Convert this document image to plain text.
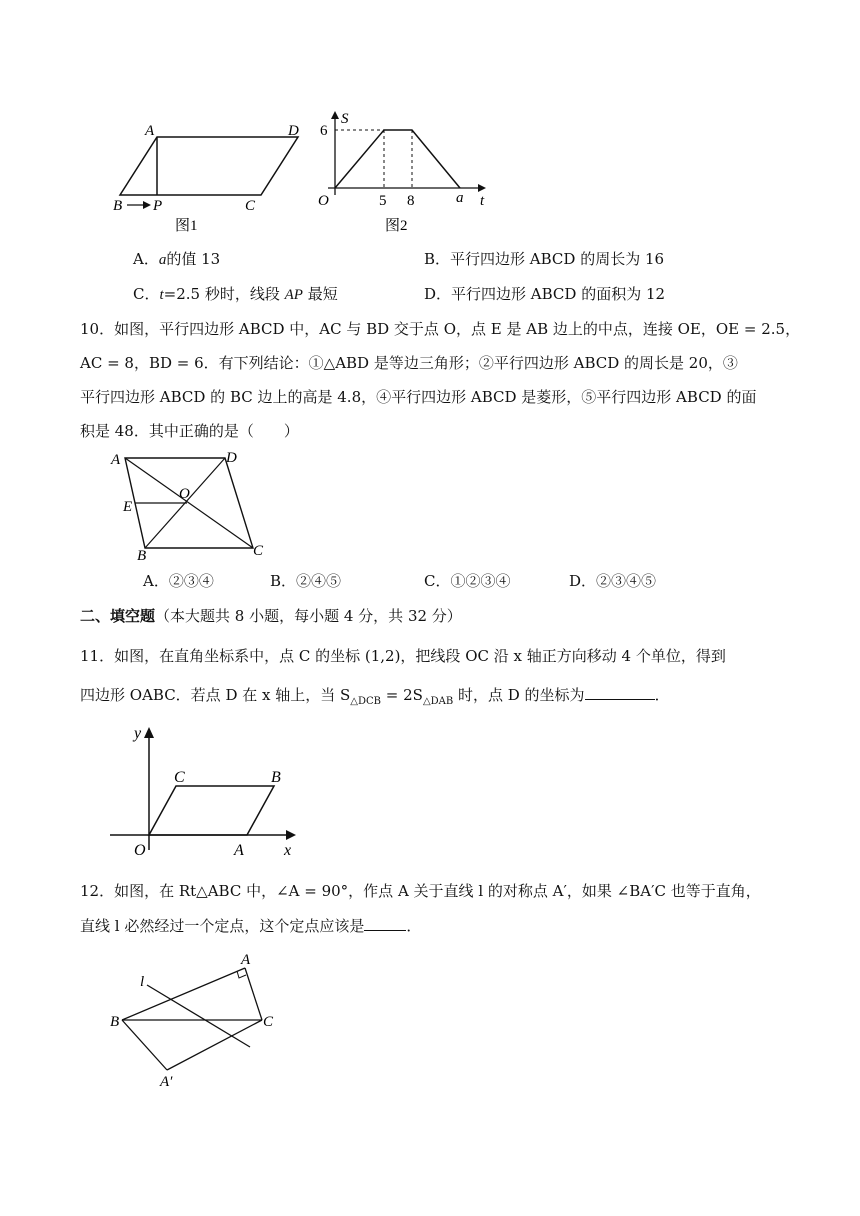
A	D
B P	C
图1
S
6
O	5 8	a t
图2
A．a的值 13	B．平行四边形 ABCD 的周长为 16
C．t=2.5 秒时，线段 AP 最短	D．平行四边形 ABCD 的面积为 12
10．如图，平行四边形 ABCD 中，AC 与 BD 交于点 O，点 E 是 AB 边上的中点，连接 OE，OE = 2.5，
AC = 8，BD = 6．有下列结论：①△ABD 是等边三角形；②平行四边形 ABCD 的周长是 20，③
平行四边形 ABCD 的 BC 边上的高是 4.8，④平行四边形 ABCD 是菱形，⑤平行四边形 ABCD 的面
积是 48．其中正确的是（　　）
A	D
E
O
B	C
A．②③④	B．②④⑤	C．①②③④	D．②③④⑤
二、填空题（本大题共 8 小题，每小题 4 分，共 32 分）
11．如图，在直角坐标系中，点 C 的坐标 (1,2)，把线段 OC 沿 x 轴正方向移动 4 个单位，得到
四边形 OABC．若点 D 在 x 轴上，当 $S_{\triangle DCB} = 2S_{\triangle DAB}$ 时，点 D 的坐标为	．
y
C	B
O	A	x
12．如图，在 Rt△ABC 中，∠A = 90°，作点 A 关于直线 l 的对称点 A′，如果 ∠BA′C 也等于直角，
直线 l 必然经过一个定点，这个定点应该是	．
l
A
B	C
A′
